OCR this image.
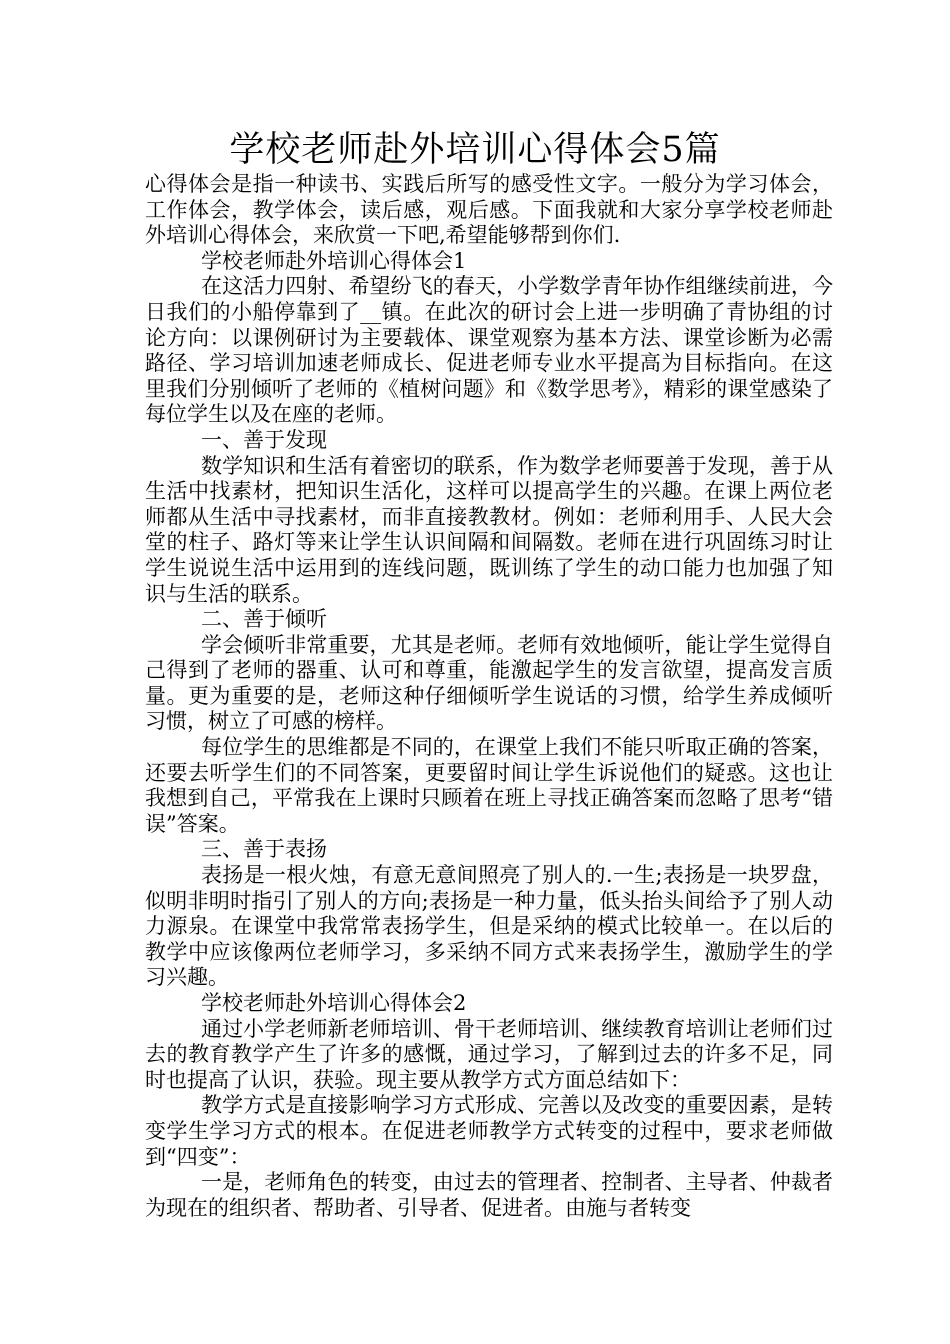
学校老师赴外培训心得体会5篇

心得体会是指一种读书、实践后所写的感受性文字。一般分为学习体会，工作体会，教学体会，读后感，观后感。下面我就和大家分享学校老师赴外培训心得体会，来欣赏一下吧,希望能够帮到你们.

学校老师赴外培训心得体会1

在这活力四射、希望纷飞的春天，小学数学青年协作组继续前进，今日我们的小船停靠到了__镇。在此次的研讨会上进一步明确了青协组的讨论方向：以课例研讨为主要载体、课堂观察为基本方法、课堂诊断为必需路径、学习培训加速老师成长、促进老师专业水平提高为目标指向。在这里我们分别倾听了老师的《植树问题》和《数学思考》，精彩的课堂感染了每位学生以及在座的老师。

一、善于发现

数学知识和生活有着密切的联系，作为数学老师要善于发现，善于从生活中找素材，把知识生活化，这样可以提高学生的兴趣。在课上两位老师都从生活中寻找素材，而非直接教教材。例如：老师利用手、人民大会堂的柱子、路灯等来让学生认识间隔和间隔数。老师在进行巩固练习时让学生说说生活中运用到的连线问题，既训练了学生的动口能力也加强了知识与生活的联系。

二、善于倾听

学会倾听非常重要，尤其是老师。老师有效地倾听，能让学生觉得自己得到了老师的器重、认可和尊重，能激起学生的发言欲望，提高发言质量。更为重要的是，老师这种仔细倾听学生说话的习惯，给学生养成倾听习惯，树立了可感的榜样。

每位学生的思维都是不同的，在课堂上我们不能只听取正确的答案，还要去听学生们的不同答案，更要留时间让学生诉说他们的疑惑。这也让我想到自己，平常我在上课时只顾着在班上寻找正确答案而忽略了思考“错误”答案。

三、善于表扬

表扬是一根火烛，有意无意间照亮了别人的.一生;表扬是一块罗盘，似明非明时指引了别人的方向;表扬是一种力量，低头抬头间给予了别人动力源泉。在课堂中我常常表扬学生，但是采纳的模式比较单一。在以后的教学中应该像两位老师学习，多采纳不同方式来表扬学生，激励学生的学习兴趣。

学校老师赴外培训心得体会2

通过小学老师新老师培训、骨干老师培训、继续教育培训让老师们过去的教育教学产生了许多的感慨，通过学习，了解到过去的许多不足，同时也提高了认识，获验。现主要从教学方式方面总结如下：

教学方式是直接影响学习方式形成、完善以及改变的重要因素，是转变学生学习方式的根本。在促进老师教学方式转变的过程中，要求老师做到“四变”：

一是，老师角色的转变，由过去的管理者、控制者、主导者、仲裁者为现在的组织者、帮助者、引导者、促进者。由施与者转变
